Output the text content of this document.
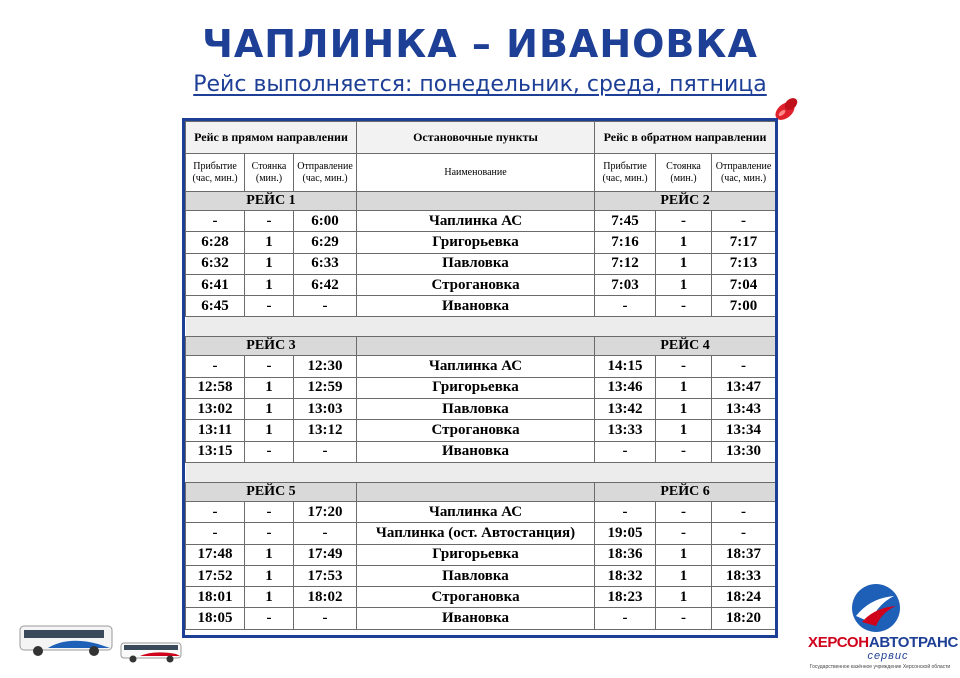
ЧАПЛИНКА – ИВАНОВКА
Рейс выполняется: понедельник, среда, пятница
Рейс в прямом направлении			Остановочные пункты	Рейс в обратном направлении		
Прибытие (час, мин.)	Стоянка (мин.)	Отправление (час, мин.)	Наименование	Прибытие (час, мин.)	Стоянка (мин.)	Отправление (час, мин.)
РЕЙС 1				РЕЙС 2		
-	-	6:00	Чаплинка АС	7:45	-	-
6:28	1	6:29	Григорьевка	7:16	1	7:17
6:32	1	6:33	Павловка	7:12	1	7:13
6:41	1	6:42	Строгановка	7:03	1	7:04
6:45	-	-	Ивановка	-	-	7:00

РЕЙС 3				РЕЙС 4		
-	-	12:30	Чаплинка АС	14:15	-	-
12:58	1	12:59	Григорьевка	13:46	1	13:47
13:02	1	13:03	Павловка	13:42	1	13:43
13:11	1	13:12	Строгановка	13:33	1	13:34
13:15	-	-	Ивановка	-	-	13:30

РЕЙС 5				РЕЙС 6		
-	-	17:20	Чаплинка АС	-	-	-
-	-	-	Чаплинка (ост. Автостанция)	19:05	-	-
17:48	1	17:49	Григорьевка	18:36	1	18:37
17:52	1	17:53	Павловка	18:32	1	18:33
18:01	1	18:02	Строгановка	18:23	1	18:24
18:05	-	-	Ивановка	-	-	18:20
ХЕРСОНАВТОТРАНС
сервис
Государственное казённое учреждение Херсонской области
